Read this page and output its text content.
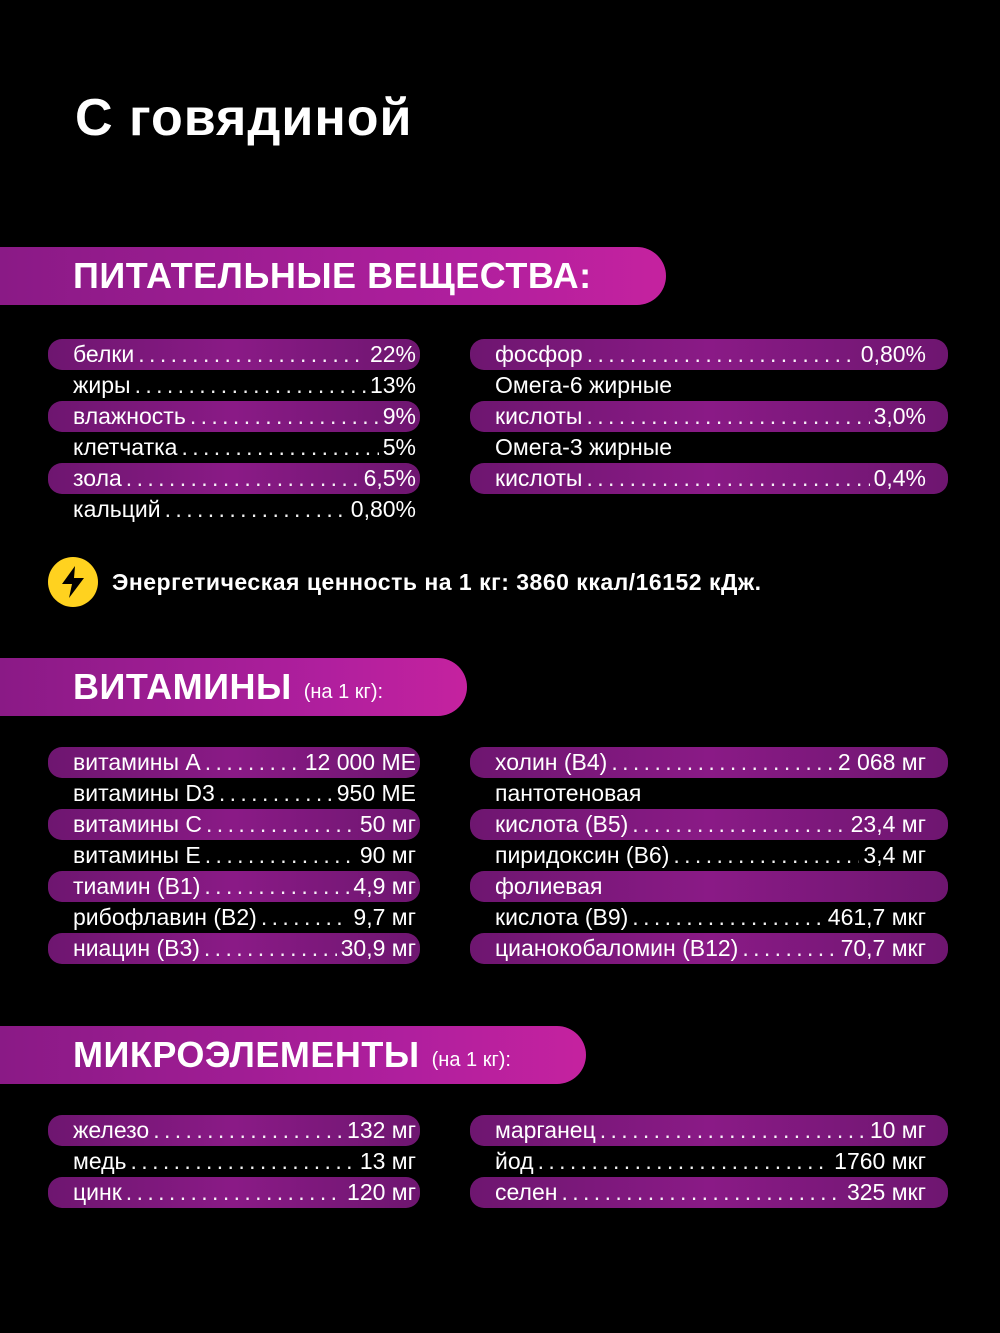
С говядиной
ПИТАТЕЛЬНЫЕ ВЕЩЕСТВА:
белки . . .	22%
жиры . . .	13%
влажность . . .	9%
клетчатка . . .	5%
зола . . .	6,5%
кальций . . .	0,80%
фосфор . . .	0,80%
Омега-6 жирные
кислоты . . .	3,0%
Омега-3 жирные
кислоты . . .	0,4%
Энергетическая ценность на 1 кг: 3860 ккал/16152 кДж.
ВИТАМИНЫ (на 1 кг):
витамины А . . .	12 000 МЕ
витамины D3 . . .	950 МЕ
витамины С . . .	50 мг
витамины Е . . .	90 мг
тиамин (В1) . . .	4,9 мг
рибофлавин (В2) . . .	9,7 мг
ниацин (В3) . . .	30,9 мг
холин (В4) . . .	2 068 мг
пантотеновая
кислота (В5) . . .	23,4 мг
пиридоксин (В6) . . .	3,4 мг
фолиевая
кислота (В9) . . .	461,7 мкг
цианокобаломин (В12) . . .	70,7 мкг
МИКРОЭЛЕМЕНТЫ (на 1 кг):
железо . . .	132 мг
медь . . .	13 мг
цинк . . .	120 мг
марганец . . .	10 мг
йод . . .	1760 мкг
селен . . .	325 мкг
